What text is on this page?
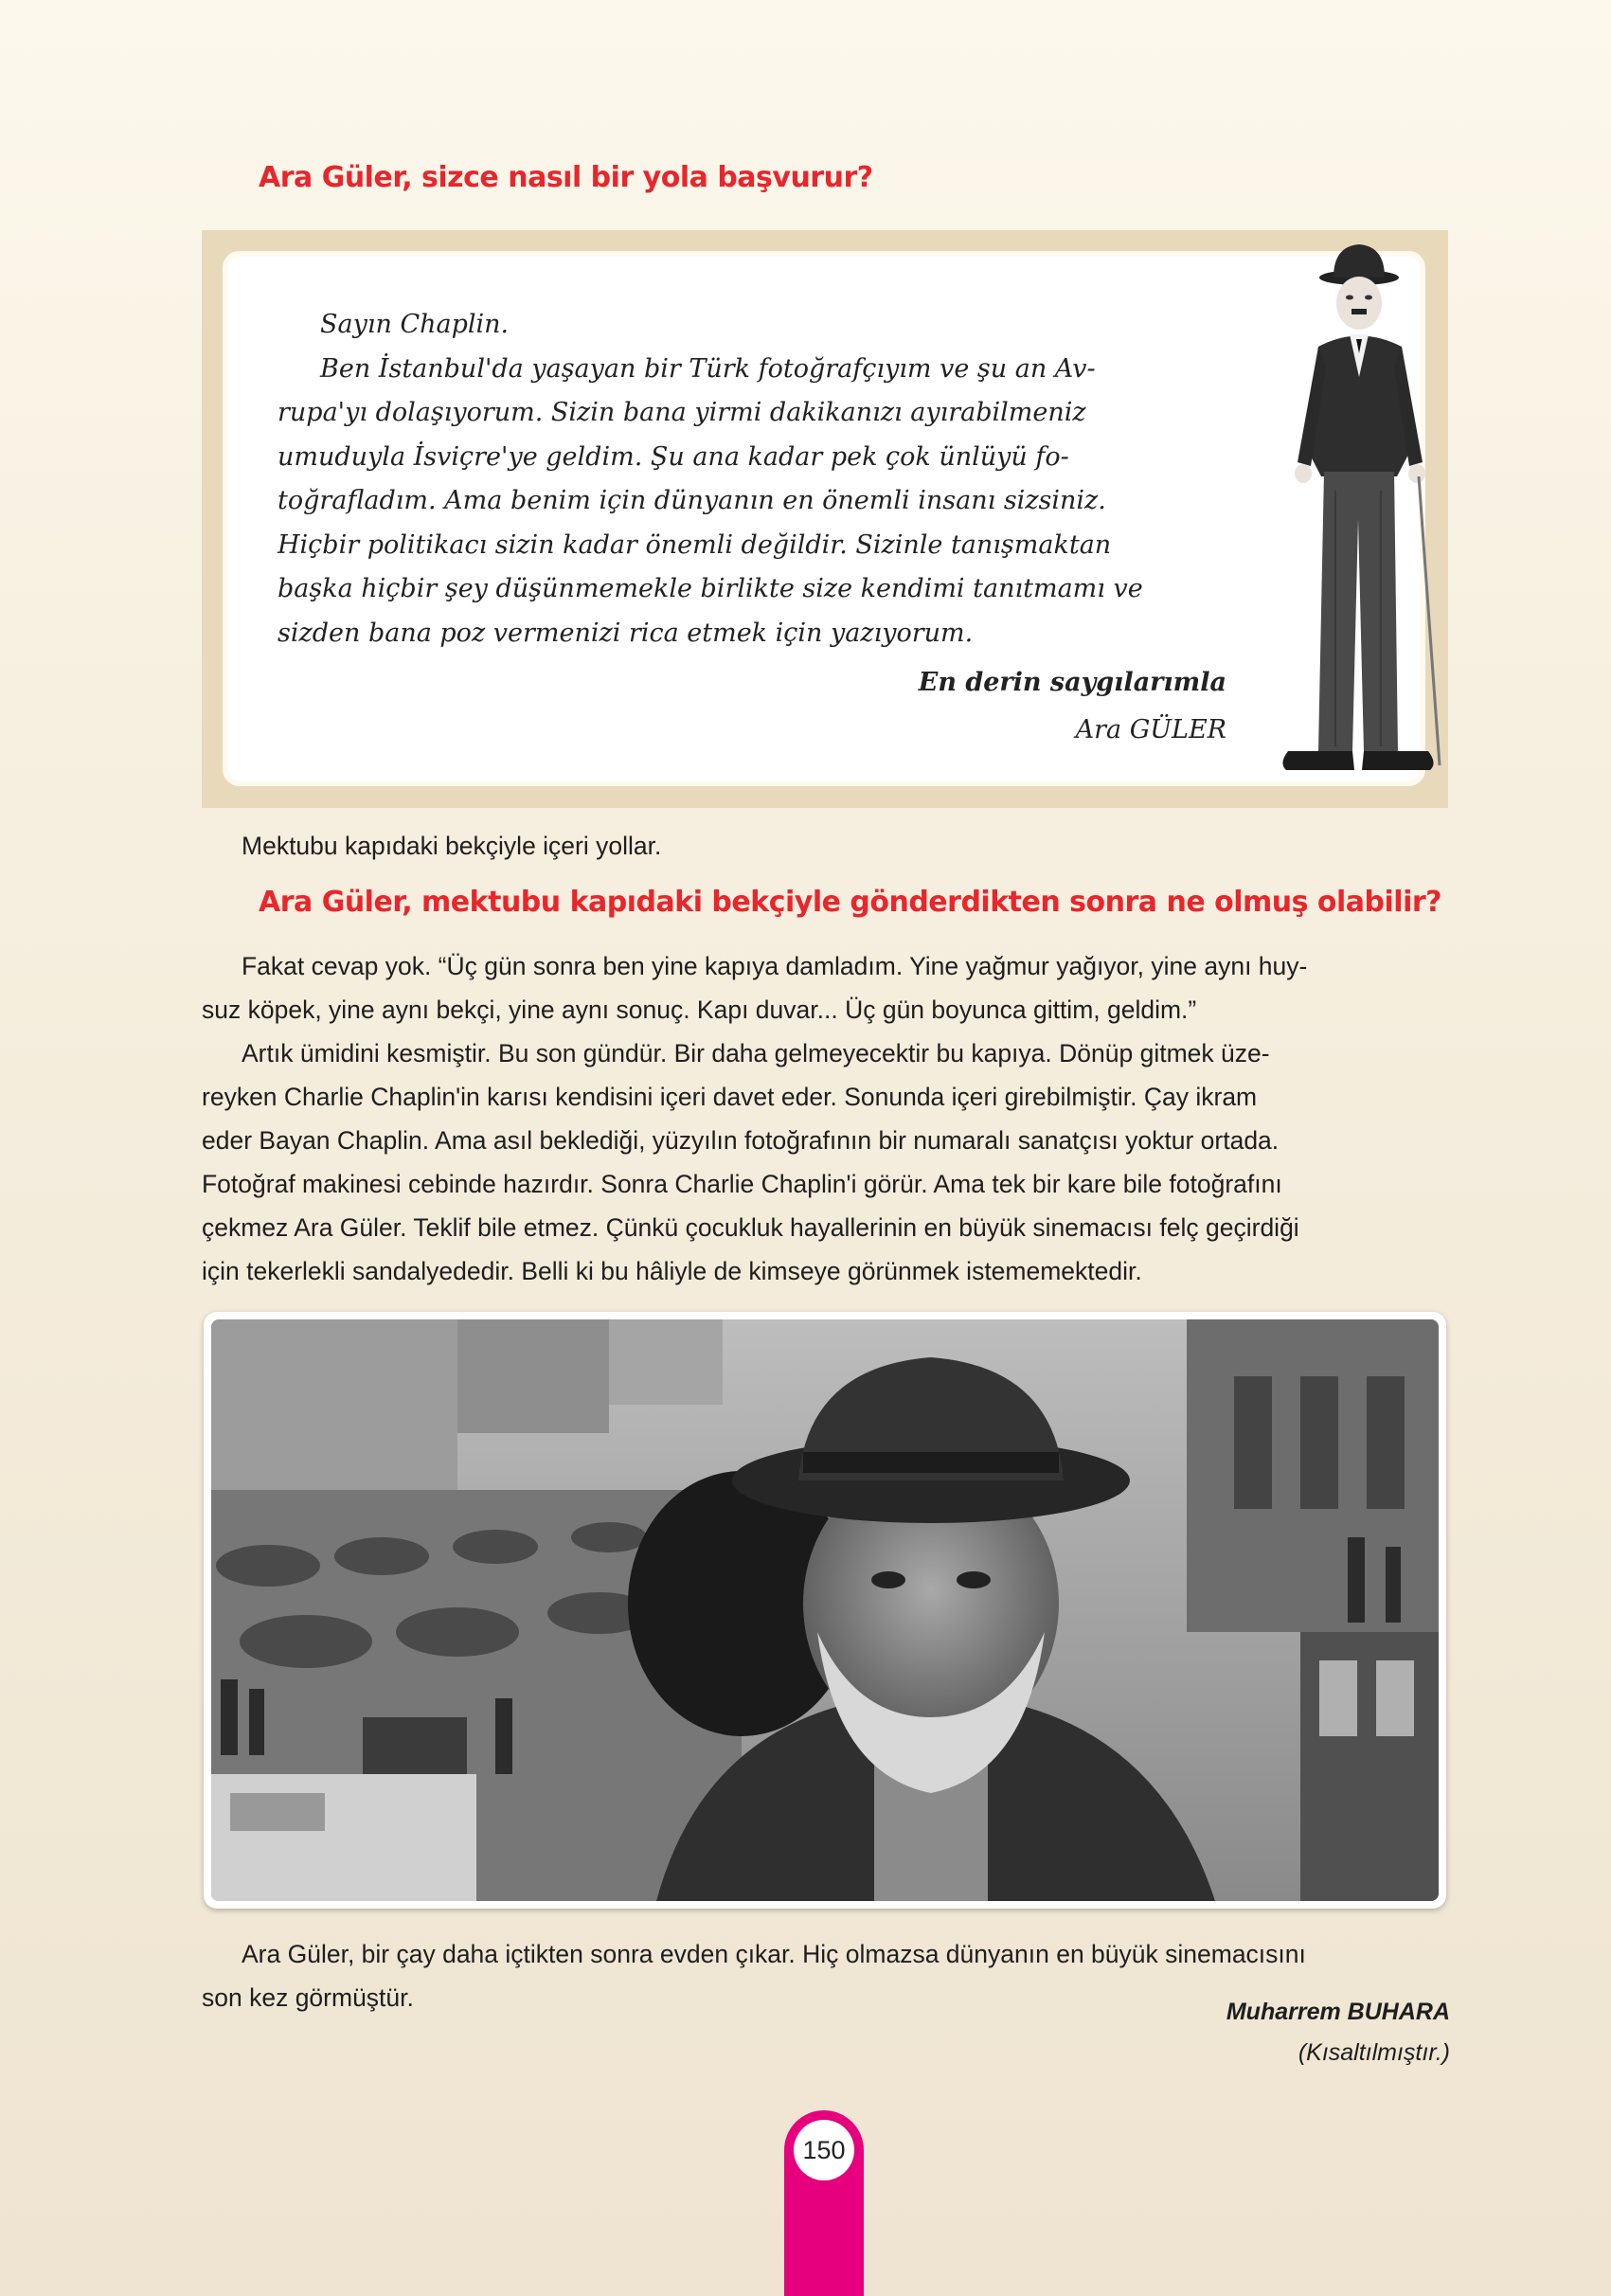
Ara Güler, sizce nasıl bir yola başvurur?

Sayın Chaplin.
Ben İstanbul'da yaşayan bir Türk fotoğrafçıyım ve şu an Av-
rupa'yı dolaşıyorum. Sizin bana yirmi dakikanızı ayırabilmeniz
umuduyla İsviçre'ye geldim. Şu ana kadar pek çok ünlüyü fo-
toğrafladım. Ama benim için dünyanın en önemli insanı sizsiniz.
Hiçbir politikacı sizin kadar önemli değildir. Sizinle tanışmaktan
başka hiçbir şey düşünmemekle birlikte size kendimi tanıtmamı ve
sizden bana poz vermenizi rica etmek için yazıyorum.

En derin saygılarımla
Ara GÜLER

Mektubu kapıdaki bekçiyle içeri yollar.

Ara Güler, mektubu kapıdaki bekçiyle gönderdikten sonra ne olmuş olabilir?

Fakat cevap yok. “Üç gün sonra ben yine kapıya damladım. Yine yağmur yağıyor, yine aynı huy-
suz köpek, yine aynı bekçi, yine aynı sonuç. Kapı duvar... Üç gün boyunca gittim, geldim.”

Artık ümidini kesmiştir. Bu son gündür. Bir daha gelmeyecektir bu kapıya. Dönüp gitmek üze-
reyken Charlie Chaplin'in karısı kendisini içeri davet eder. Sonunda içeri girebilmiştir. Çay ikram
eder Bayan Chaplin. Ama asıl beklediği, yüzyılın fotoğrafının bir numaralı sanatçısı yoktur ortada.
Fotoğraf makinesi cebinde hazırdır. Sonra Charlie Chaplin'i görür. Ama tek bir kare bile fotoğrafını
çekmez Ara Güler. Teklif bile etmez. Çünkü çocukluk hayallerinin en büyük sinemacısı felç geçirdiği
için tekerlekli sandalyededir. Belli ki bu hâliyle de kimseye görünmek istememektedir.

Ara Güler, bir çay daha içtikten sonra evden çıkar. Hiç olmazsa dünyanın en büyük sinemacısını
son kez görmüştür.	Muharrem BUHARA

(Kısaltılmıştır.)

150
